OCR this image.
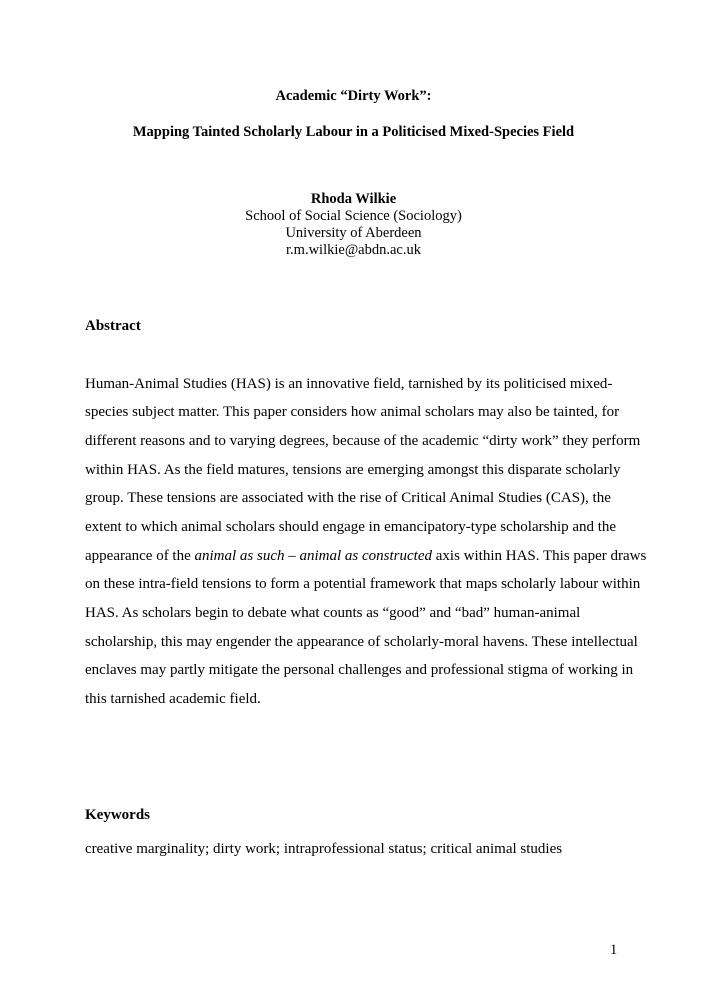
Academic “Dirty Work”:
Mapping Tainted Scholarly Labour in a Politicised Mixed-Species Field
Rhoda Wilkie
School of Social Science (Sociology)
University of Aberdeen
r.m.wilkie@abdn.ac.uk
Abstract
Human-Animal Studies (HAS) is an innovative field, tarnished by its politicised mixed-
species subject matter. This paper considers how animal scholars may also be tainted, for
different reasons and to varying degrees, because of the academic “dirty work” they perform
within HAS. As the field matures, tensions are emerging amongst this disparate scholarly
group. These tensions are associated with the rise of Critical Animal Studies (CAS), the
extent to which animal scholars should engage in emancipatory-type scholarship and the
appearance of the animal as such – animal as constructed axis within HAS. This paper draws
on these intra-field tensions to form a potential framework that maps scholarly labour within
HAS. As scholars begin to debate what counts as “good” and “bad” human-animal
scholarship, this may engender the appearance of scholarly-moral havens. These intellectual
enclaves may partly mitigate the personal challenges and professional stigma of working in
this tarnished academic field.
Keywords
creative marginality; dirty work; intraprofessional status; critical animal studies
1
